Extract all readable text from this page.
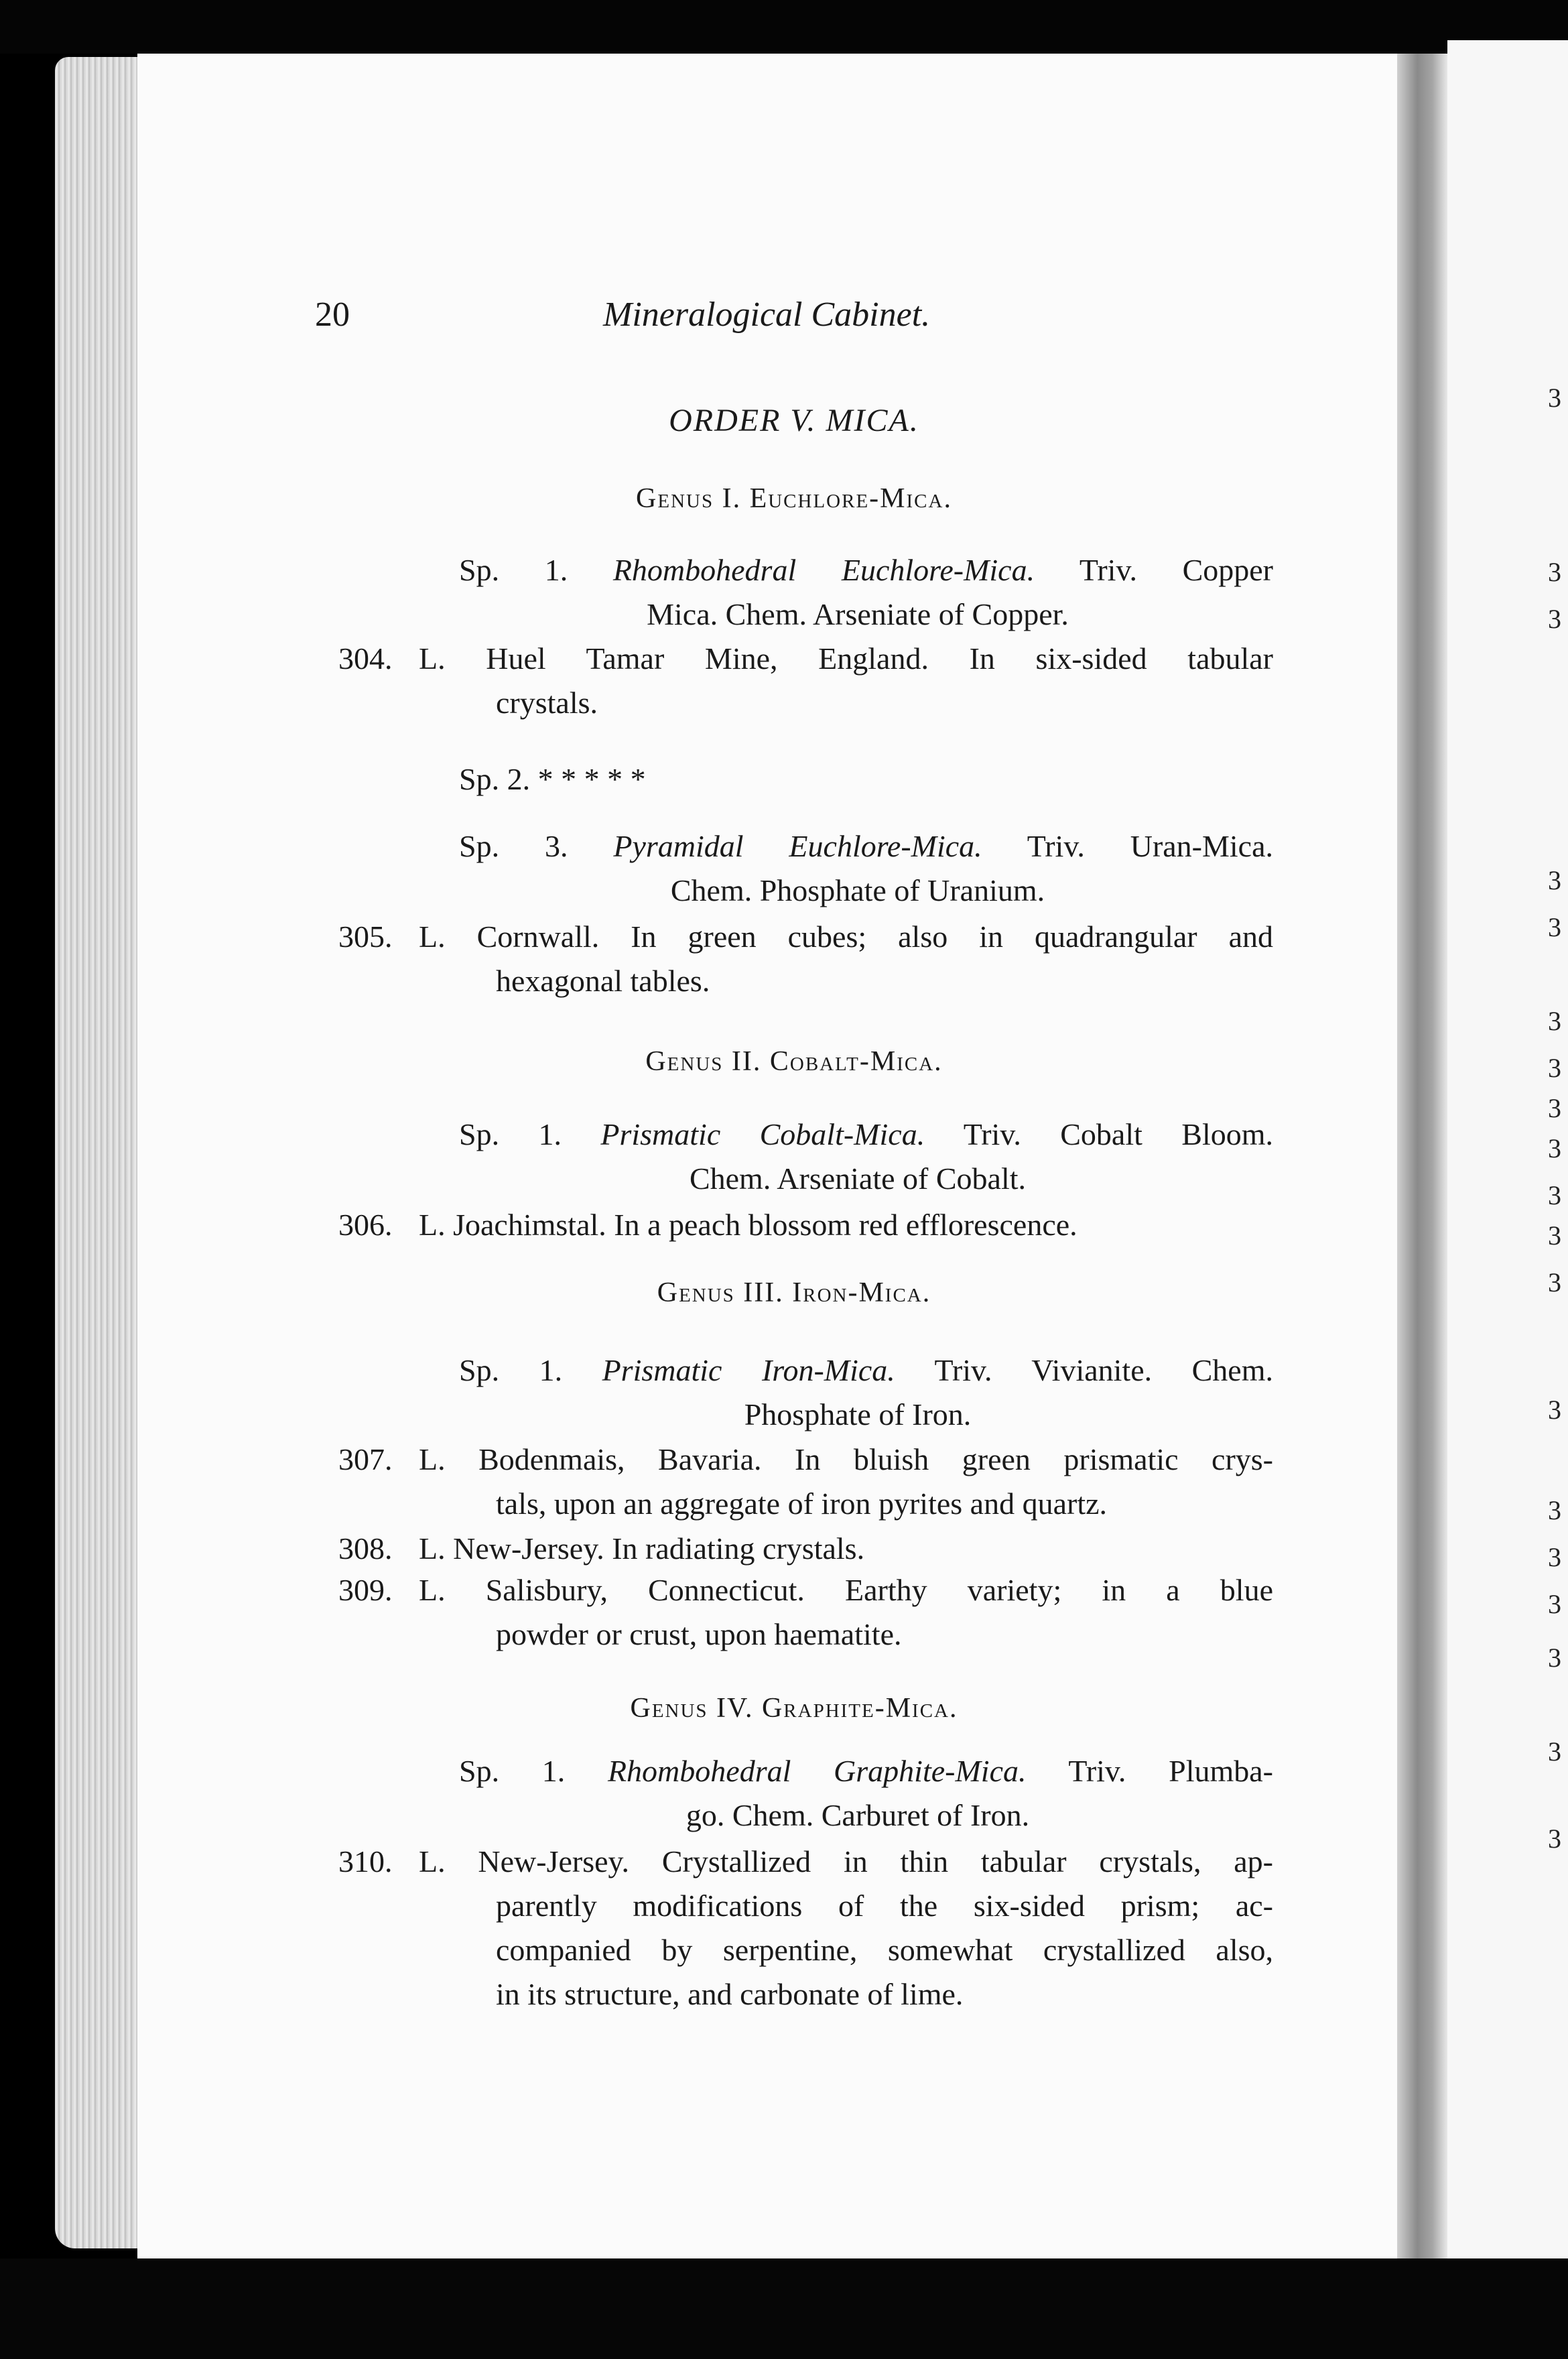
3
3
3
3
3
3
3
3
3
3
3
3
3
3
3
3
3
3
3
20	Mineralogical Cabinet.
ORDER V. MICA.
Genus I. Euchlore-Mica.
Sp. 1. Rhombohedral Euchlore-Mica. Triv. Copper
Mica. Chem. Arseniate of Copper.
304. L. Huel Tamar Mine, England. In six-sided tabular
crystals.
Sp. 2. * * * * *
Sp. 3. Pyramidal Euchlore-Mica. Triv. Uran-Mica.
Chem. Phosphate of Uranium.
305. L. Cornwall. In green cubes; also in quadrangular and
hexagonal tables.
Genus II. Cobalt-Mica.
Sp. 1. Prismatic Cobalt-Mica. Triv. Cobalt Bloom.
Chem. Arseniate of Cobalt.
306. L. Joachimstal. In a peach blossom red efflorescence.
Genus III. Iron-Mica.
Sp. 1. Prismatic Iron-Mica. Triv. Vivianite. Chem.
Phosphate of Iron.
307. L. Bodenmais, Bavaria. In bluish green prismatic crys-
tals, upon an aggregate of iron pyrites and quartz.
308. L. New-Jersey. In radiating crystals.
309. L. Salisbury, Connecticut. Earthy variety; in a blue
powder or crust, upon haematite.
Genus IV. Graphite-Mica.
Sp. 1. Rhombohedral Graphite-Mica. Triv. Plumba-
go. Chem. Carburet of Iron.
310. L. New-Jersey. Crystallized in thin tabular crystals, ap-
parently modifications of the six-sided prism; ac-
companied by serpentine, somewhat crystallized also,
in its structure, and carbonate of lime.
